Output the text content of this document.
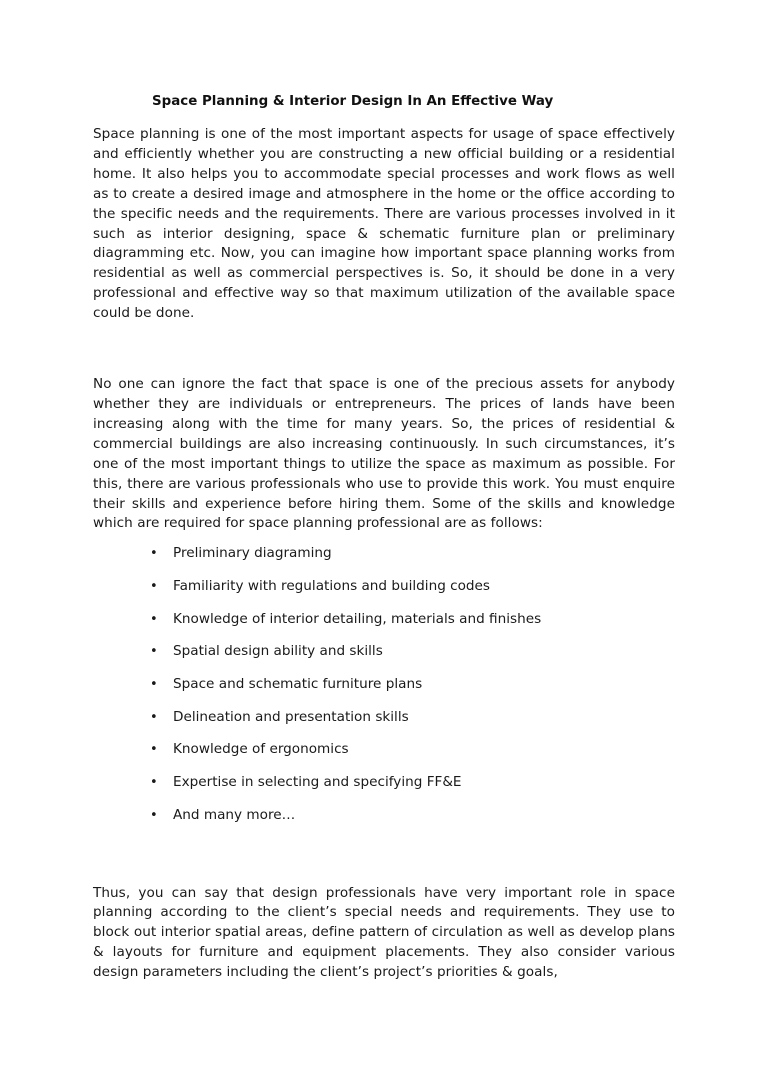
Space Planning & Interior Design In An Effective Way

Space planning is one of the most important aspects for usage of space effectively and efficiently whether you are constructing a new official building or a residential home. It also helps you to accommodate special processes and work flows as well as to create a desired image and atmosphere in the home or the office according to the specific needs and the requirements. There are various processes involved in it such as interior designing, space & schematic furniture plan or preliminary diagramming etc. Now, you can imagine how important space planning works from residential as well as commercial perspectives is. So, it should be done in a very professional and effective way so that maximum utilization of the available space could be done.

No one can ignore the fact that space is one of the precious assets for anybody whether they are individuals or entrepreneurs. The prices of lands have been increasing along with the time for many years. So, the prices of residential & commercial buildings are also increasing continuously. In such circumstances, it’s one of the most important things to utilize the space as maximum as possible. For this, there are various professionals who use to provide this work. You must enquire their skills and experience before hiring them. Some of the skills and knowledge which are required for space planning professional are as follows:

• Preliminary diagraming
• Familiarity with regulations and building codes
• Knowledge of interior detailing, materials and finishes
• Spatial design ability and skills
• Space and schematic furniture plans
• Delineation and presentation skills
• Knowledge of ergonomics
• Expertise in selecting and specifying FF&E
• And many more…

Thus, you can say that design professionals have very important role in space planning according to the client’s special needs and requirements. They use to block out interior spatial areas, define pattern of circulation as well as develop plans & layouts for furniture and equipment placements. They also consider various design parameters including the client’s project’s priorities & goals,
